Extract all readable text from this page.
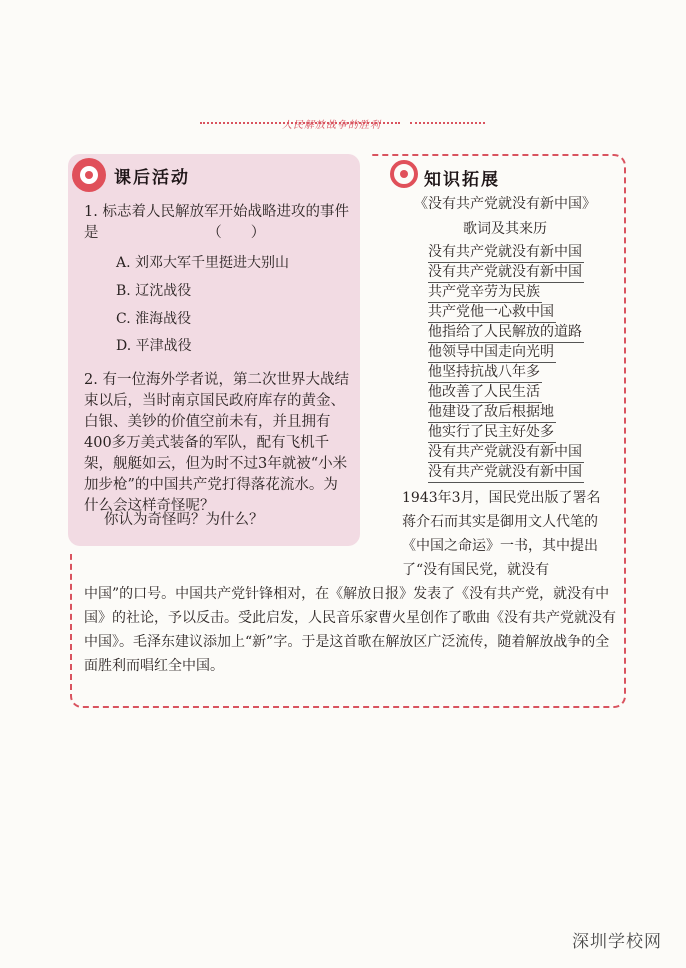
人民解放战争的胜利
课后活动
1. 标志着人民解放军开始战略进攻的事件是　　　　　　　　（　　）
A. 刘邓大军千里挺进大别山
B. 辽沈战役
C. 淮海战役
D. 平津战役
2. 有一位海外学者说，第二次世界大战结束以后，当时南京国民政府库存的黄金、白银、美钞的价值空前未有，并且拥有400多万美式装备的军队，配有飞机千架，舰艇如云，但为时不过3年就被“小米加步枪”的中国共产党打得落花流水。为什么会这样奇怪呢？
你认为奇怪吗？为什么？
知识拓展
《没有共产党就没有新中国》
歌词及其来历
没有共产党就没有新中国
没有共产党就没有新中国
共产党辛劳为民族
共产党他一心救中国
他指给了人民解放的道路
他领导中国走向光明
他坚持抗战八年多
他改善了人民生活
他建设了敌后根据地
他实行了民主好处多
没有共产党就没有新中国
没有共产党就没有新中国
1943年3月，国民党出版了署名蒋介石而其实是御用文人代笔的《中国之命运》一书，其中提出了“没有国民党，就没有
中国”的口号。中国共产党针锋相对，在《解放日报》发表了《没有共产党，就没有中国》的社论，予以反击。受此启发，人民音乐家曹火星创作了歌曲《没有共产党就没有中国》。毛泽东建议添加上“新”字。于是这首歌在解放区广泛流传，随着解放战争的全面胜利而唱红全中国。
深圳学校网
